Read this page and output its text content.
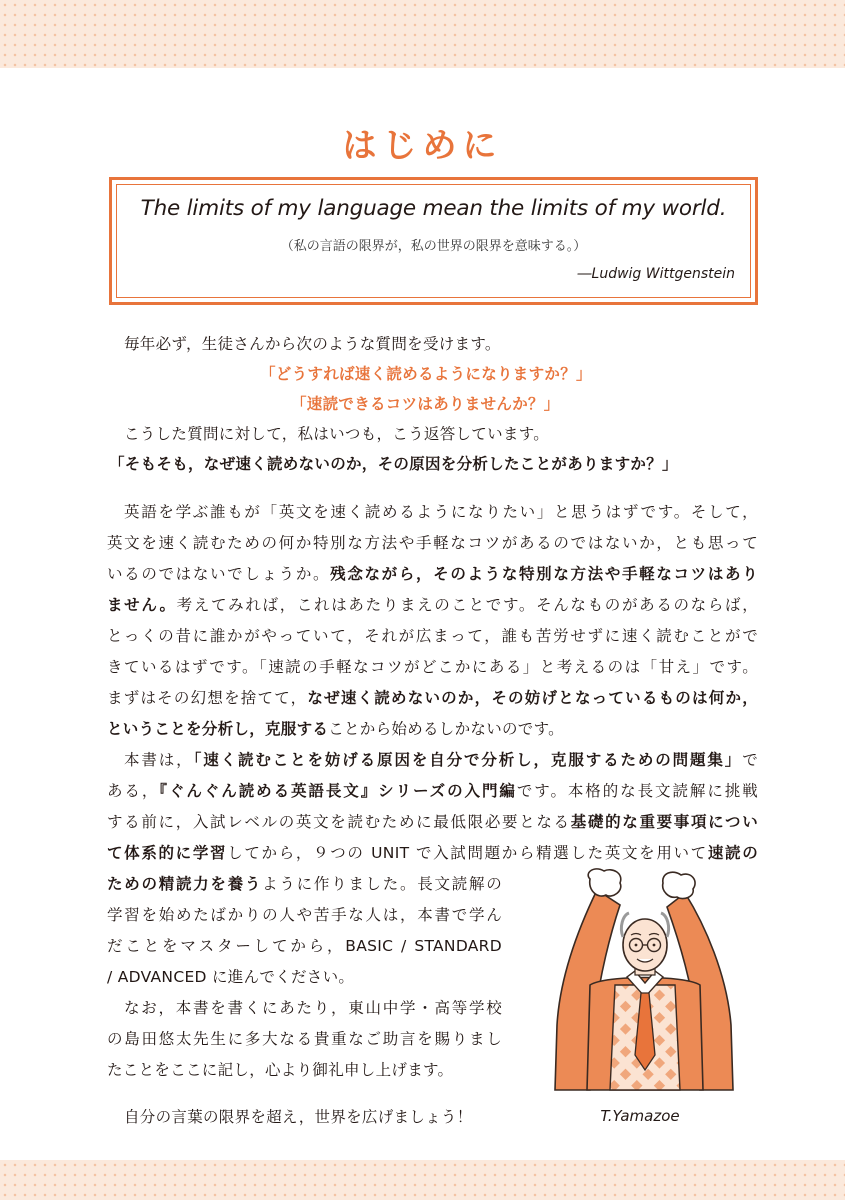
はじめに
The limits of my language mean the limits of my world.
（私の言語の限界が，私の世界の限界を意味する。）
―Ludwig Wittgenstein
毎年必ず，生徒さんから次のような質問を受けます。
「どうすれば速く読めるようになりますか？」
「速読できるコツはありませんか？」
こうした質問に対して，私はいつも，こう返答しています。
「そもそも，なぜ速く読めないのか，その原因を分析したことがありますか？」
英語を学ぶ誰もが「英文を速く読めるようになりたい」と思うはずです。そして，
英文を速く読むための何か特別な方法や手軽なコツがあるのではないか，とも思って
いるのではないでしょうか。残念ながら，そのような特別な方法や手軽なコツはあり
ません。考えてみれば，これはあたりまえのことです。そんなものがあるのならば，
とっくの昔に誰かがやっていて，それが広まって，誰も苦労せずに速く読むことがで
きているはずです。「速読の手軽なコツがどこかにある」と考えるのは「甘え」です。
まずはその幻想を捨てて，なぜ速く読めないのか，その妨げとなっているものは何か，
ということを分析し，克服することから始めるしかないのです。
本書は，「速く読むことを妨げる原因を自分で分析し，克服するための問題集」で
ある，『ぐんぐん読める英語長文』シリーズの入門編です。本格的な長文読解に挑戦
する前に，入試レベルの英文を読むために最低限必要となる基礎的な重要事項につい
て体系的に学習してから，９つの UNIT で入試問題から精選した英文を用いて速読の
ための精読力を養うように作りました。長文読解の
学習を始めたばかりの人や苦手な人は，本書で学ん
だことをマスターしてから，BASIC / STANDARD
/ ADVANCED に進んでください。
なお，本書を書くにあたり，東山中学・高等学校
の島田悠太先生に多大なる貴重なご助言を賜りまし
たことをここに記し，心より御礼申し上げます。
自分の言葉の限界を超え，世界を広げましょう！	T.Yamazoe
